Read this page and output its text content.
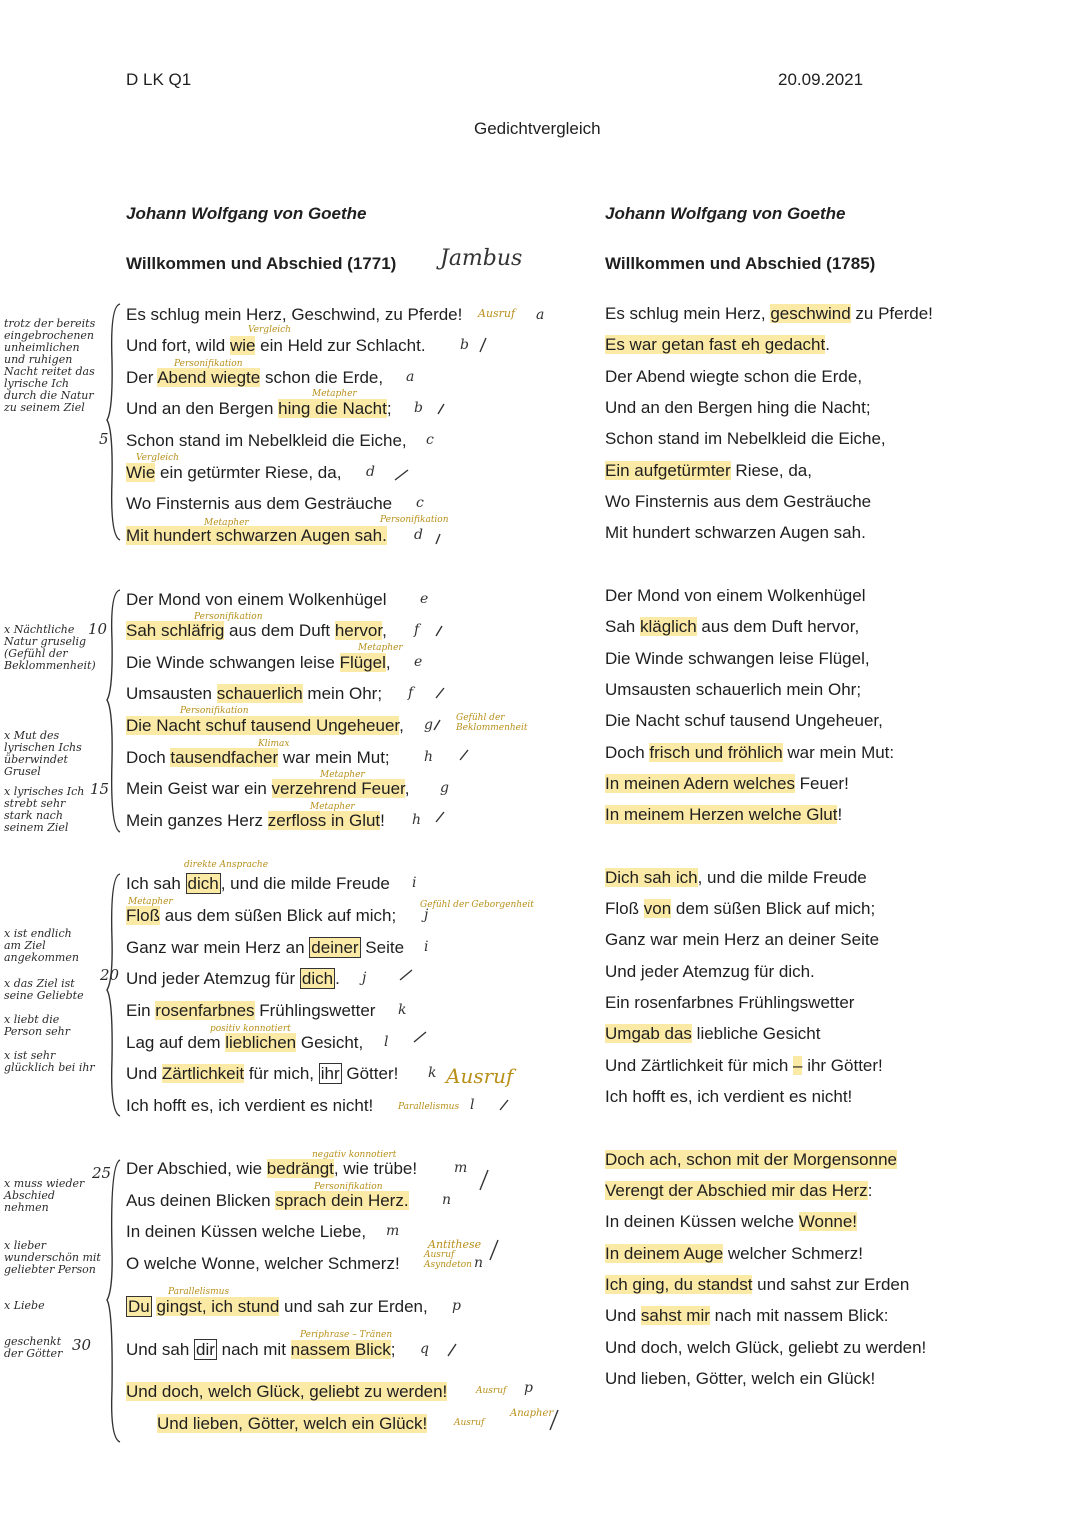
D LK Q1	20.09.2021
Gedichtvergleich
Johann Wolfgang von Goethe
Willkommen und Abschied (1771) Jambus
Johann Wolfgang von Goethe
Willkommen und Abschied (1785)
Es schlug mein Herz, Geschwind, zu Pferde!
Und fort, wild wie ein Held zur Schlacht.
Der Abend wiegte schon die Erde,
Und an den Bergen hing die Nacht;
Schon stand im Nebelkleid die Eiche,
Wie ein getürmter Riese, da,
Wo Finsternis aus dem Gesträuche
Mit hundert schwarzen Augen sah.
Der Mond von einem Wolkenhügel
Sah schläfrig aus dem Duft hervor,
Die Winde schwangen leise Flügel,
Umsausten schauerlich mein Ohr;
Die Nacht schuf tausend Ungeheuer,
Doch tausendfacher war mein Mut;
Mein Geist war ein verzehrend Feuer,
Mein ganzes Herz zerfloss in Glut!
Ich sah dich , und die milde Freude
Floß aus dem süßen Blick auf mich;
Ganz war mein Herz an deiner Seite
Und jeder Atemzug für dich .
Ein rosenfarbnes Frühlingswetter
Lag auf dem lieblichen Gesicht,
Und Zärtlichkeit für mich, ihr Götter!
Ich hofft es, ich verdient es nicht!
Der Abschied, wie bedrängt, wie trübe!
Aus deinen Blicken sprach dein Herz.
In deinen Küssen welche Liebe,
O welche Wonne, welcher Schmerz!
Du gingst, ich stund und sah zur Erden,
Und sah dir nach mit nassem Blick;
Und doch, welch Glück, geliebt zu werden!
Und lieben, Götter, welch ein Glück!
Es schlug mein Herz, geschwind zu Pferde!
Es war getan fast eh gedacht.
Der Abend wiegte schon die Erde,
Und an den Bergen hing die Nacht;
Schon stand im Nebelkleid die Eiche,
Ein aufgetürmter Riese, da,
Wo Finsternis aus dem Gesträuche
Mit hundert schwarzen Augen sah.
Der Mond von einem Wolkenhügel
Sah kläglich aus dem Duft hervor,
Die Winde schwangen leise Flügel,
Umsausten schauerlich mein Ohr;
Die Nacht schuf tausend Ungeheuer,
Doch frisch und fröhlich war mein Mut:
In meinen Adern welches Feuer!
In meinem Herzen welche Glut!
Dich sah ich, und die milde Freude
Floß von dem süßen Blick auf mich;
Ganz war mein Herz an deiner Seite
Und jeder Atemzug für dich.
Ein rosenfarbnes Frühlingswetter
Umgab das liebliche Gesicht
Und Zärtlichkeit für mich – ihr Götter!
Ich hofft es, ich verdient es nicht!
Doch ach, schon mit der Morgensonne
Verengt der Abschied mir das Herz:
In deinen Küssen welche Wonne!
In deinem Auge welcher Schmerz!
Ich ging, du standst und sahst zur Erden
Und sahst mir nach mit nassem Blick:
Und doch, welch Glück, geliebt zu werden!
Und lieben, Götter, welch ein Glück!
trotz der bereits eingebrochenen unheimlichen und ruhigen Nacht reitet das lyrische Ich durch die Natur zu seinem Ziel
x Nächtliche Natur gruselig (Gefühl der Beklommenheit)
x Mut des lyrischen Ichs überwindet Grusel
x lyrisches Ich strebt sehr stark nach seinem Ziel
x ist endlich am Ziel angekommen
x das Ziel ist seine Geliebte
x liebt die Person sehr
x ist sehr glücklich bei ihr
x muss wieder Abschied nehmen
x lieber wunderschön mit geliebter Person
x Liebe
geschenkt der Götter
5
10
15
20
25
30
Vergleich
Personifikation
Metapher
Vergleich
Metapher	Personifikation
Personifikation
Metapher
Personifikation
Gefühl der Beklommenheit
Klimax
Metapher
Metapher
direkte Ansprache
Metapher	Gefühl der Geborgenheit
positiv konnotiert
negativ konnotiert
Personifikation
Parallelismus
Periphrase – Tränen
Ausruf Asyndeton
Antithese
Ausruf
Parallelismus
Ausruf
Ausruf
Ausruf
Anapher
a
b
a
b
c
d
c
d
e
f
e
f
g
h
g
h
i
j
i
j
k
l
k
l
m
n
m
n
p
q
p
